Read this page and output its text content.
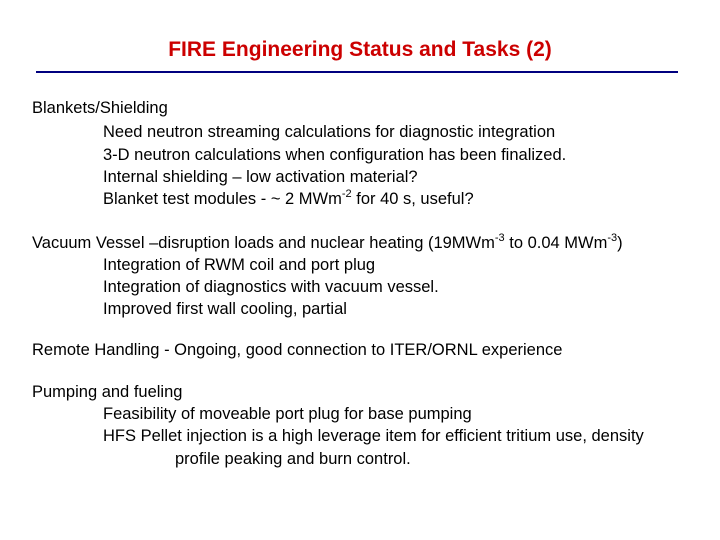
FIRE Engineering Status and Tasks (2)
Blankets/Shielding
Need neutron streaming calculations for diagnostic integration
3-D neutron calculations when configuration has been finalized.
Internal shielding – low activation material?
Blanket test modules - ~ 2 MWm$^{-2}$ for 40 s, useful?
Vacuum Vessel –disruption loads and nuclear heating (19MWm$^{-3}$ to 0.04 MWm$^{-3}$)
Integration of RWM coil and port plug
Integration of diagnostics with vacuum vessel.
Improved first wall cooling, partial
Remote Handling - Ongoing, good connection to ITER/ORNL experience
Pumping and fueling
Feasibility of moveable port plug for base pumping
HFS Pellet injection is a high leverage item for efficient tritium use, density
profile peaking and burn control.
